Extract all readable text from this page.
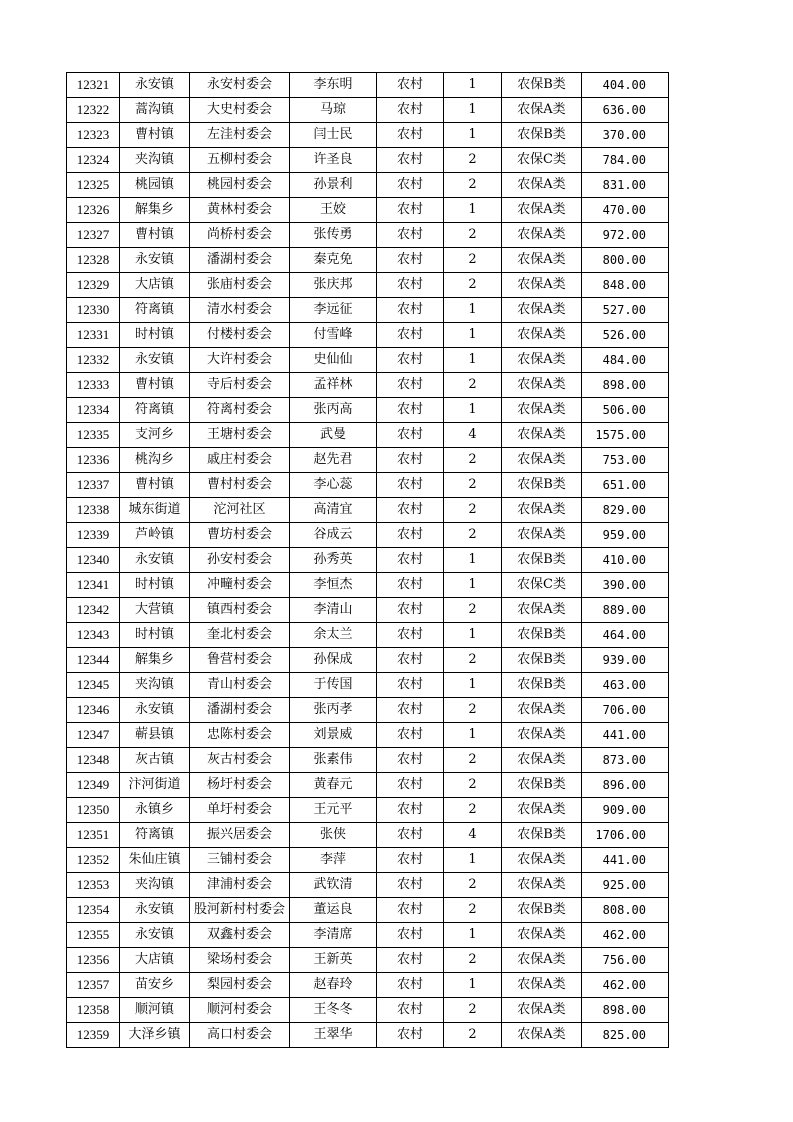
12321	永安镇	永安村委会	李东明	农村	1	农保B类	404.00
12322	蒿沟镇	大史村委会	马琼	农村	1	农保A类	636.00
12323	曹村镇	左洼村委会	闫士民	农村	1	农保B类	370.00
12324	夹沟镇	五柳村委会	许圣良	农村	2	农保C类	784.00
12325	桃园镇	桃园村委会	孙景利	农村	2	农保A类	831.00
12326	解集乡	黄林村委会	王姣	农村	1	农保A类	470.00
12327	曹村镇	尚桥村委会	张传勇	农村	2	农保A类	972.00
12328	永安镇	潘湖村委会	秦克免	农村	2	农保A类	800.00
12329	大店镇	张庙村委会	张庆邦	农村	2	农保A类	848.00
12330	符离镇	清水村委会	李远征	农村	1	农保A类	527.00
12331	时村镇	付楼村委会	付雪峰	农村	1	农保A类	526.00
12332	永安镇	大许村委会	史仙仙	农村	1	农保A类	484.00
12333	曹村镇	寺后村委会	孟祥林	农村	2	农保A类	898.00
12334	符离镇	符离村委会	张丙高	农村	1	农保A类	506.00
12335	支河乡	王塘村委会	武曼	农村	4	农保A类	1575.00
12336	桃沟乡	戚庄村委会	赵先君	农村	2	农保A类	753.00
12337	曹村镇	曹村村委会	李心蕊	农村	2	农保B类	651.00
12338	城东街道	沱河社区	高清宜	农村	2	农保A类	829.00
12339	芦岭镇	曹坊村委会	谷成云	农村	2	农保A类	959.00
12340	永安镇	孙安村委会	孙秀英	农村	1	农保B类	410.00
12341	时村镇	冲疃村委会	李恒杰	农村	1	农保C类	390.00
12342	大营镇	镇西村委会	李清山	农村	2	农保A类	889.00
12343	时村镇	奎北村委会	余太兰	农村	1	农保B类	464.00
12344	解集乡	鲁营村委会	孙保成	农村	2	农保B类	939.00
12345	夹沟镇	青山村委会	于传国	农村	1	农保B类	463.00
12346	永安镇	潘湖村委会	张丙孝	农村	2	农保A类	706.00
12347	蕲县镇	忠陈村委会	刘景威	农村	1	农保A类	441.00
12348	灰古镇	灰古村委会	张素伟	农村	2	农保A类	873.00
12349	汴河街道	杨圩村委会	黄春元	农村	2	农保B类	896.00
12350	永镇乡	单圩村委会	王元平	农村	2	农保A类	909.00
12351	符离镇	振兴居委会	张侠	农村	4	农保B类	1706.00
12352	朱仙庄镇	三铺村委会	李萍	农村	1	农保A类	441.00
12353	夹沟镇	津浦村委会	武钦清	农村	2	农保A类	925.00
12354	永安镇	股河新村村委会	董运良	农村	2	农保B类	808.00
12355	永安镇	双鑫村委会	李清席	农村	1	农保A类	462.00
12356	大店镇	梁场村委会	王新英	农村	2	农保A类	756.00
12357	苗安乡	梨园村委会	赵春玲	农村	1	农保A类	462.00
12358	顺河镇	顺河村委会	王冬冬	农村	2	农保A类	898.00
12359	大泽乡镇	高口村委会	王翠华	农村	2	农保A类	825.00
